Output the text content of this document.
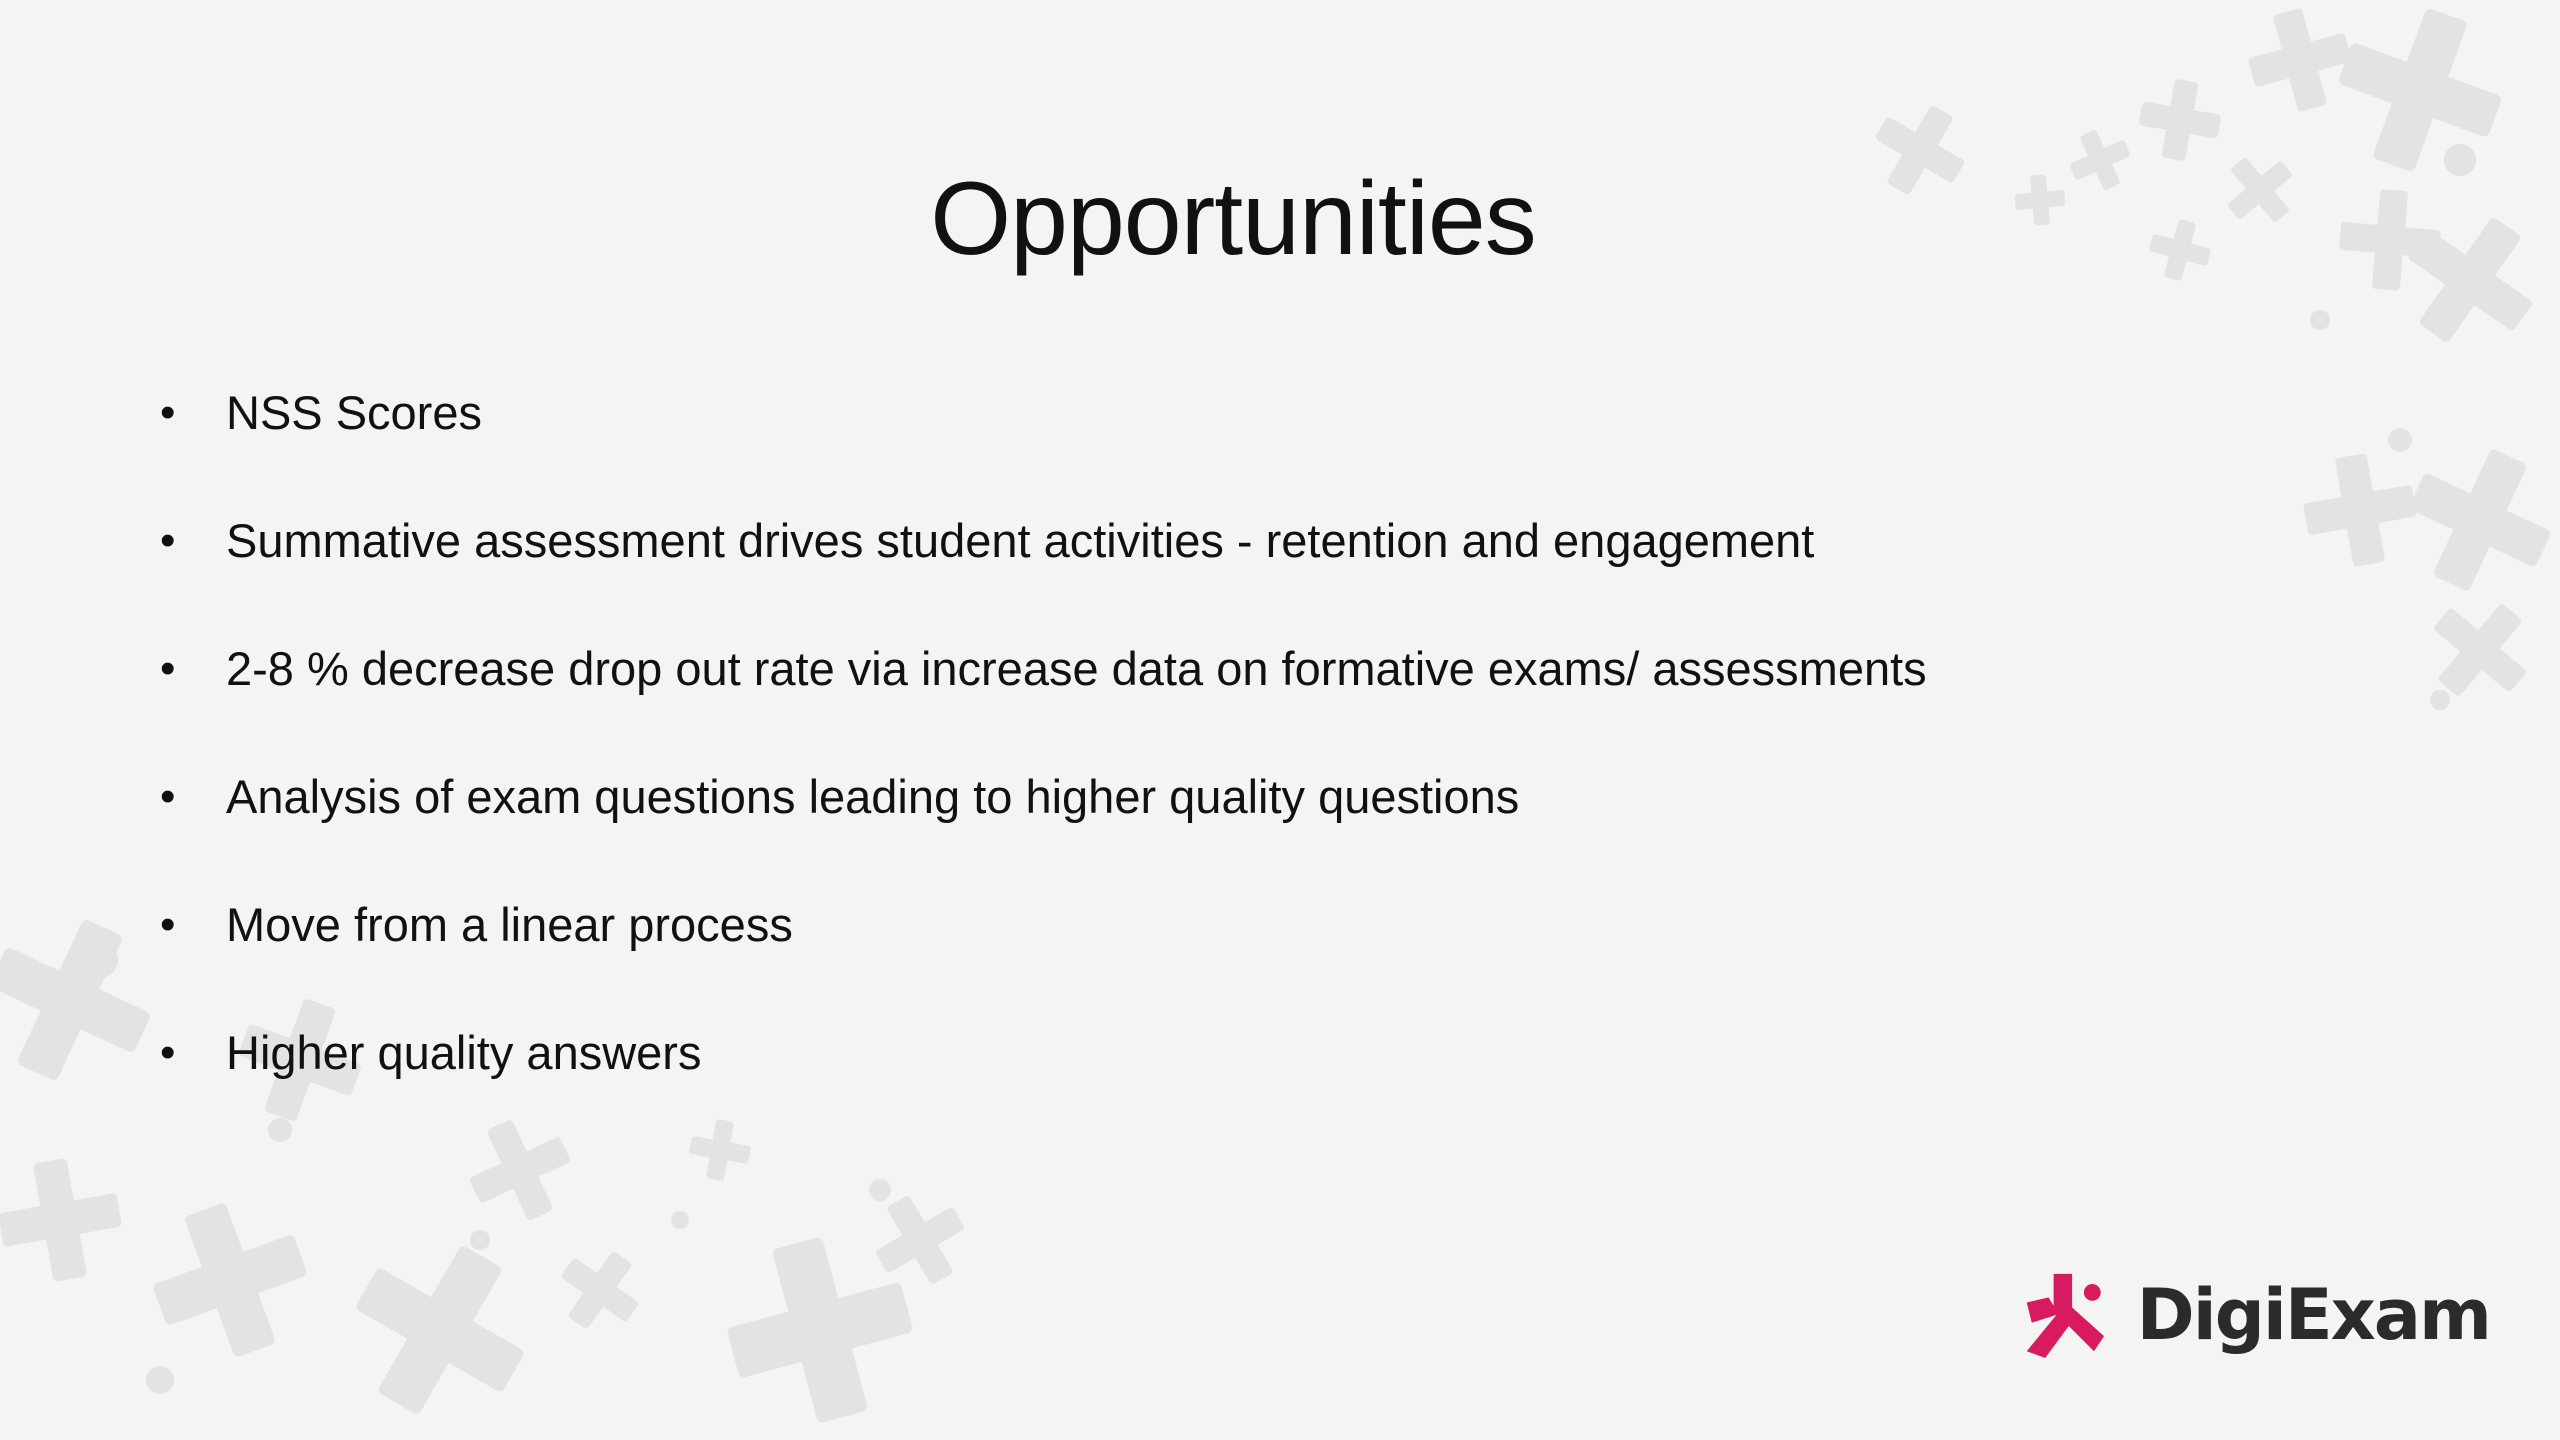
Opportunities
•	NSS Scores
•	Summative assessment drives student activities - retention and engagement
•	2-8 % decrease drop out rate via increase data on formative exams/ assessments
•	Analysis of exam questions leading to higher quality questions
•	Move from a linear process
•	Higher quality answers
DigiExam
